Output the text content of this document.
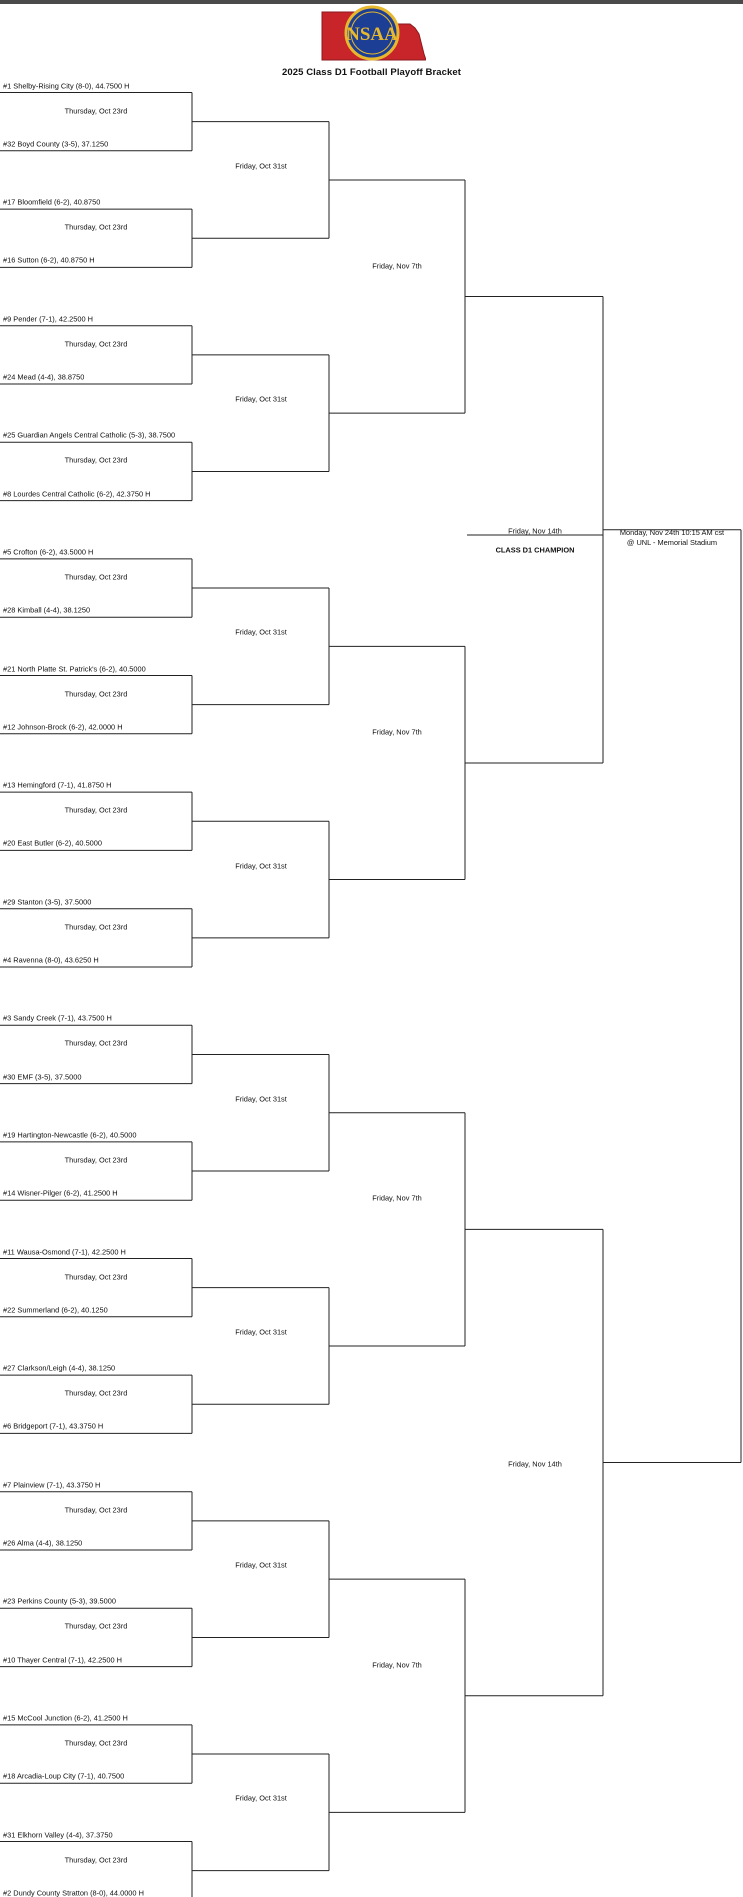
NSAA
2025 Class D1 Football Playoff Bracket
#1 Shelby-Rising City (8-0), 44.7500 H
#32 Boyd County (3-5), 37.1250
Thursday, Oct 23rd
#17 Bloomfield (6-2), 40.8750
#16 Sutton (6-2), 40.8750 H
Thursday, Oct 23rd
#9 Pender (7-1), 42.2500 H
#24 Mead (4-4), 38.8750
Thursday, Oct 23rd
#25 Guardian Angels Central Catholic (5-3), 38.7500
#8 Lourdes Central Catholic (6-2), 42.3750 H
Thursday, Oct 23rd
#5 Crofton (6-2), 43.5000 H
#28 Kimball (4-4), 38.1250
Thursday, Oct 23rd
#21 North Platte St. Patrick's (6-2), 40.5000
#12 Johnson-Brock (6-2), 42.0000 H
Thursday, Oct 23rd
#13 Hemingford (7-1), 41.8750 H
#20 East Butler (6-2), 40.5000
Thursday, Oct 23rd
#29 Stanton (3-5), 37.5000
#4 Ravenna (8-0), 43.6250 H
Thursday, Oct 23rd
#3 Sandy Creek (7-1), 43.7500 H
#30 EMF (3-5), 37.5000
Thursday, Oct 23rd
#19 Hartington-Newcastle (6-2), 40.5000
#14 Wisner-Pilger (6-2), 41.2500 H
Thursday, Oct 23rd
#11 Wausa-Osmond (7-1), 42.2500 H
#22 Summerland (6-2), 40.1250
Thursday, Oct 23rd
#27 Clarkson/Leigh (4-4), 38.1250
#6 Bridgeport (7-1), 43.3750 H
Thursday, Oct 23rd
#7 Plainview (7-1), 43.3750 H
#26 Alma (4-4), 38.1250
Thursday, Oct 23rd
#23 Perkins County (5-3), 39.5000
#10 Thayer Central (7-1), 42.2500 H
Thursday, Oct 23rd
#15 McCool Junction (6-2), 41.2500 H
#18 Arcadia-Loup City (7-1), 40.7500
Thursday, Oct 23rd
#31 Elkhorn Valley (4-4), 37.3750
#2 Dundy County Stratton (8-0), 44.0000 H
Thursday, Oct 23rd
Friday, Oct 31st
Friday, Oct 31st
Friday, Oct 31st
Friday, Oct 31st
Friday, Oct 31st
Friday, Oct 31st
Friday, Oct 31st
Friday, Oct 31st
Friday, Nov 7th
Friday, Nov 7th
Friday, Nov 7th
Friday, Nov 7th
Friday, Nov 14th
Friday, Nov 14th
Monday, Nov 24th 10:15 AM cst
@ UNL - Memorial Stadium
CLASS D1 CHAMPION
